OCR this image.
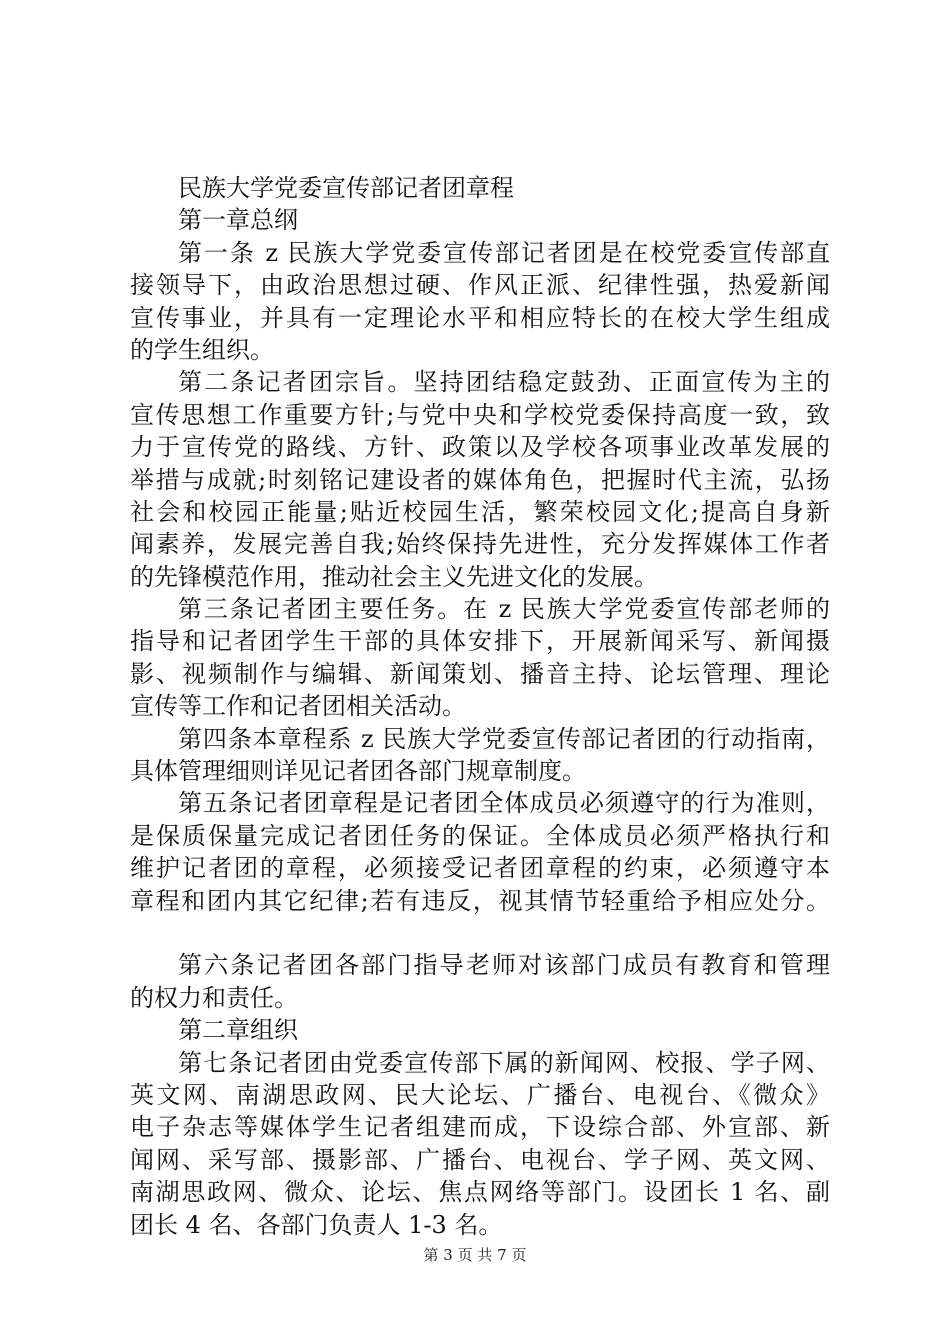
民族大学党委宣传部记者团章程
第一章总纲
第一条 z 民族大学党委宣传部记者团是在校党委宣传部直
接领导下，由政治思想过硬、作风正派、纪律性强，热爱新闻
宣传事业，并具有一定理论水平和相应特长的在校大学生组成
的学生组织。
第二条记者团宗旨。坚持团结稳定鼓劲、正面宣传为主的
宣传思想工作重要方针;与党中央和学校党委保持高度一致，致
力于宣传党的路线、方针、政策以及学校各项事业改革发展的
举措与成就;时刻铭记建设者的媒体角色，把握时代主流，弘扬
社会和校园正能量;贴近校园生活，繁荣校园文化;提高自身新
闻素养，发展完善自我;始终保持先进性，充分发挥媒体工作者
的先锋模范作用，推动社会主义先进文化的发展。
第三条记者团主要任务。在 z 民族大学党委宣传部老师的
指导和记者团学生干部的具体安排下，开展新闻采写、新闻摄
影、视频制作与编辑、新闻策划、播音主持、论坛管理、理论
宣传等工作和记者团相关活动。
第四条本章程系 z 民族大学党委宣传部记者团的行动指南，
具体管理细则详见记者团各部门规章制度。
第五条记者团章程是记者团全体成员必须遵守的行为准则，
是保质保量完成记者团任务的保证。全体成员必须严格执行和
维护记者团的章程，必须接受记者团章程的约束，必须遵守本
章程和团内其它纪律;若有违反，视其情节轻重给予相应处分。
第六条记者团各部门指导老师对该部门成员有教育和管理
的权力和责任。
第二章组织
第七条记者团由党委宣传部下属的新闻网、校报、学子网、
英文网、南湖思政网、民大论坛、广播台、电视台、《微众》
电子杂志等媒体学生记者组建而成，下设综合部、外宣部、新
闻网、采写部、摄影部、广播台、电视台、学子网、英文网、
南湖思政网、微众、论坛、焦点网络等部门。设团长 1 名、副
团长 4 名、各部门负责人 1-3 名。
第 3 页 共 7 页
